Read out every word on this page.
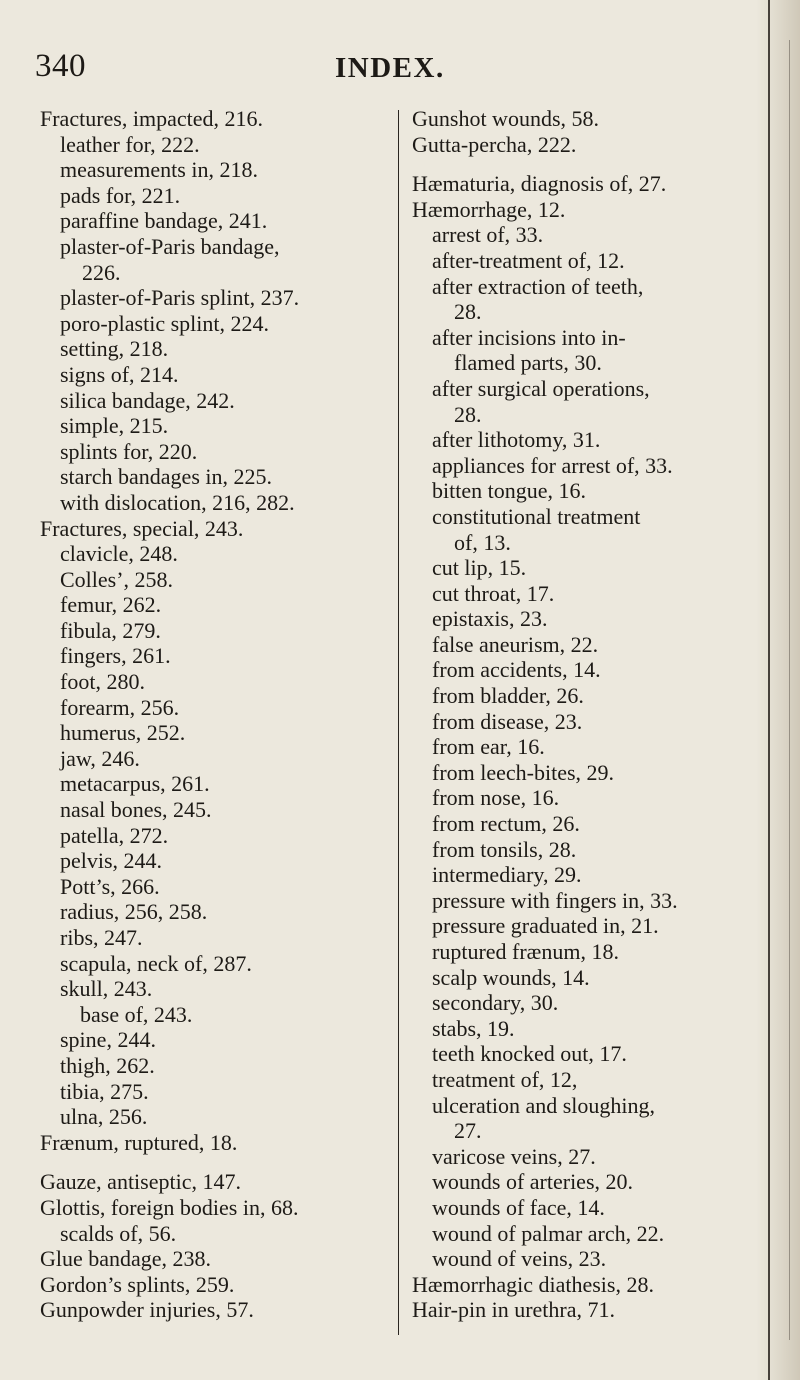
340	INDEX.
Fractures, impacted, 216.
leather for, 222.
measurements in, 218.
pads for, 221.
paraffine bandage, 241.
plaster-of-Paris bandage,
226.
plaster-of-Paris splint, 237.
poro-plastic splint, 224.
setting, 218.
signs of, 214.
silica bandage, 242.
simple, 215.
splints for, 220.
starch bandages in, 225.
with dislocation, 216, 282.
Fractures, special, 243.
clavicle, 248.
Colles’, 258.
femur, 262.
fibula, 279.
fingers, 261.
foot, 280.
forearm, 256.
humerus, 252.
jaw, 246.
metacarpus, 261.
nasal bones, 245.
patella, 272.
pelvis, 244.
Pott’s, 266.
radius, 256, 258.
ribs, 247.
scapula, neck of, 287.
skull, 243.
base of, 243.
spine, 244.
thigh, 262.
tibia, 275.
ulna, 256.
Frænum, ruptured, 18.
Gauze, antiseptic, 147.
Glottis, foreign bodies in, 68.
scalds of, 56.
Glue bandage, 238.
Gordon’s splints, 259.
Gunpowder injuries, 57.
Gunshot wounds, 58.
Gutta-percha, 222.
Hæmaturia, diagnosis of, 27.
Hæmorrhage, 12.
arrest of, 33.
after-treatment of, 12.
after extraction of teeth,
28.
after incisions into in-
flamed parts, 30.
after surgical operations,
28.
after lithotomy, 31.
appliances for arrest of, 33.
bitten tongue, 16.
constitutional treatment
of, 13.
cut lip, 15.
cut throat, 17.
epistaxis, 23.
false aneurism, 22.
from accidents, 14.
from bladder, 26.
from disease, 23.
from ear, 16.
from leech-bites, 29.
from nose, 16.
from rectum, 26.
from tonsils, 28.
intermediary, 29.
pressure with fingers in, 33.
pressure graduated in, 21.
ruptured frænum, 18.
scalp wounds, 14.
secondary, 30.
stabs, 19.
teeth knocked out, 17.
treatment of, 12,
ulceration and sloughing,
27.
varicose veins, 27.
wounds of arteries, 20.
wounds of face, 14.
wound of palmar arch, 22.
wound of veins, 23.
Hæmorrhagic diathesis, 28.
Hair-pin in urethra, 71.
